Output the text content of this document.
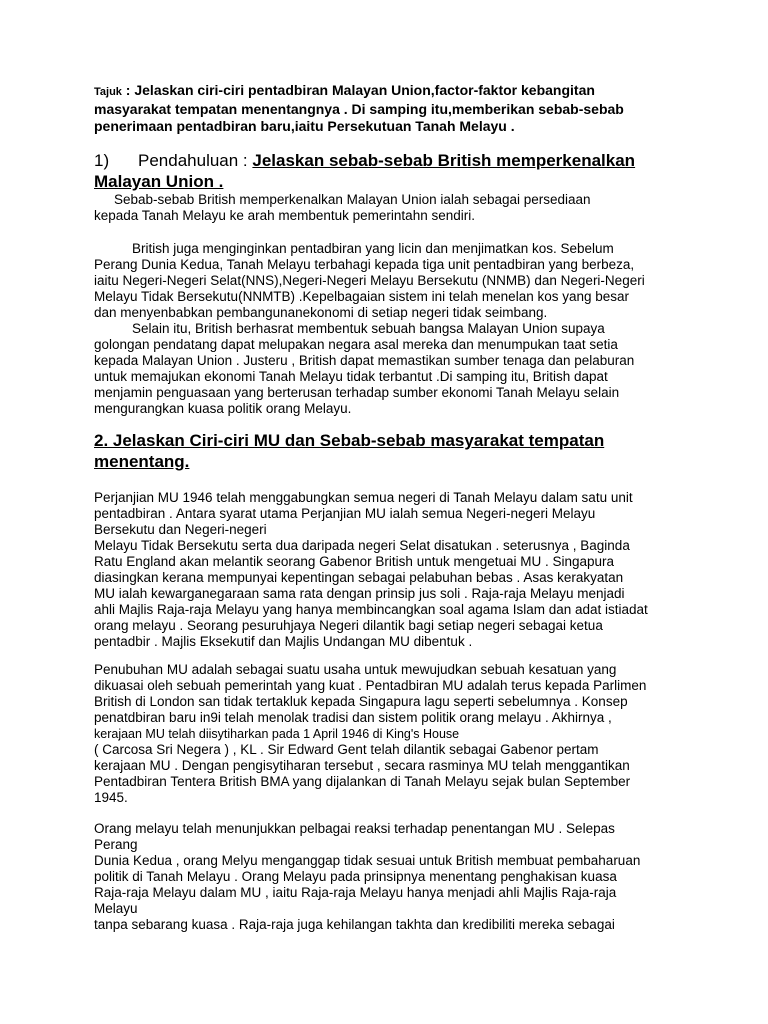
Tajuk : Jelaskan ciri-ciri pentadbiran Malayan Union,factor-faktor kebangitan
masyarakat tempatan menentangnya . Di samping itu,memberikan sebab-sebab
penerimaan pentadbiran baru,iaitu Persekutuan Tanah Melayu .
1) Pendahuluan : Jelaskan sebab-sebab British memperkenalkan
Malayan Union .
Sebab-sebab British memperkenalkan Malayan Union ialah sebagai persediaan
kepada Tanah Melayu ke arah membentuk pemerintahn sendiri.
British juga menginginkan pentadbiran yang licin dan menjimatkan kos. Sebelum
Perang Dunia Kedua, Tanah Melayu terbahagi kepada tiga unit pentadbiran yang berbeza,
iaitu Negeri-Negeri Selat(NNS),Negeri-Negeri Melayu Bersekutu (NNMB) dan Negeri-Negeri
Melayu Tidak Bersekutu(NNMTB) .Kepelbagaian sistem ini telah menelan kos yang besar
dan menyenbabkan pembangunanekonomi di setiap negeri tidak seimbang.
Selain itu, British berhasrat membentuk sebuah bangsa Malayan Union supaya
golongan pendatang dapat melupakan negara asal mereka dan menumpukan taat setia
kepada Malayan Union . Justeru , British dapat memastikan sumber tenaga dan pelaburan
untuk memajukan ekonomi Tanah Melayu tidak terbantut .Di samping itu, British dapat
menjamin penguasaan yang berterusan terhadap sumber ekonomi Tanah Melayu selain
mengurangkan kuasa politik orang Melayu.
2. Jelaskan Ciri-ciri MU dan Sebab-sebab masyarakat tempatan
menentang.
Perjanjian MU 1946 telah menggabungkan semua negeri di Tanah Melayu dalam satu unit
pentadbiran . Antara syarat utama Perjanjian MU ialah semua Negeri-negeri Melayu
Bersekutu dan Negeri-negeri
Melayu Tidak Bersekutu serta dua daripada negeri Selat disatukan . seterusnya , Baginda
Ratu England akan melantik seorang Gabenor British untuk mengetuai MU . Singapura
diasingkan kerana mempunyai kepentingan sebagai pelabuhan bebas . Asas kerakyatan
MU ialah kewarganegaraan sama rata dengan prinsip jus soli . Raja-raja Melayu menjadi
ahli Majlis Raja-raja Melayu yang hanya membincangkan soal agama Islam dan adat istiadat
orang melayu . Seorang pesuruhjaya Negeri dilantik bagi setiap negeri sebagai ketua
pentadbir . Majlis Eksekutif dan Majlis Undangan MU dibentuk .
Penubuhan MU adalah sebagai suatu usaha untuk mewujudkan sebuah kesatuan yang
dikuasai oleh sebuah pemerintah yang kuat . Pentadbiran MU adalah terus kepada Parlimen
British di London san tidak tertakluk kepada Singapura lagu seperti sebelumnya . Konsep
penatdbiran baru in9i telah menolak tradisi dan sistem politik orang melayu . Akhirnya ,
kerajaan MU telah diisytiharkan pada 1 April 1946 di King's House
( Carcosa Sri Negera ) , KL . Sir Edward Gent telah dilantik sebagai Gabenor pertam
kerajaan MU . Dengan pengisytiharan tersebut , secara rasminya MU telah menggantikan
Pentadbiran Tentera British BMA yang dijalankan di Tanah Melayu sejak bulan September
1945.
Orang melayu telah menunjukkan pelbagai reaksi terhadap penentangan MU . Selepas
Perang
Dunia Kedua , orang Melyu menganggap tidak sesuai untuk British membuat pembaharuan
politik di Tanah Melayu . Orang Melayu pada prinsipnya menentang penghakisan kuasa
Raja-raja Melayu dalam MU , iaitu Raja-raja Melayu hanya menjadi ahli Majlis Raja-raja
Melayu
tanpa sebarang kuasa . Raja-raja juga kehilangan takhta dan kredibiliti mereka sebagai
